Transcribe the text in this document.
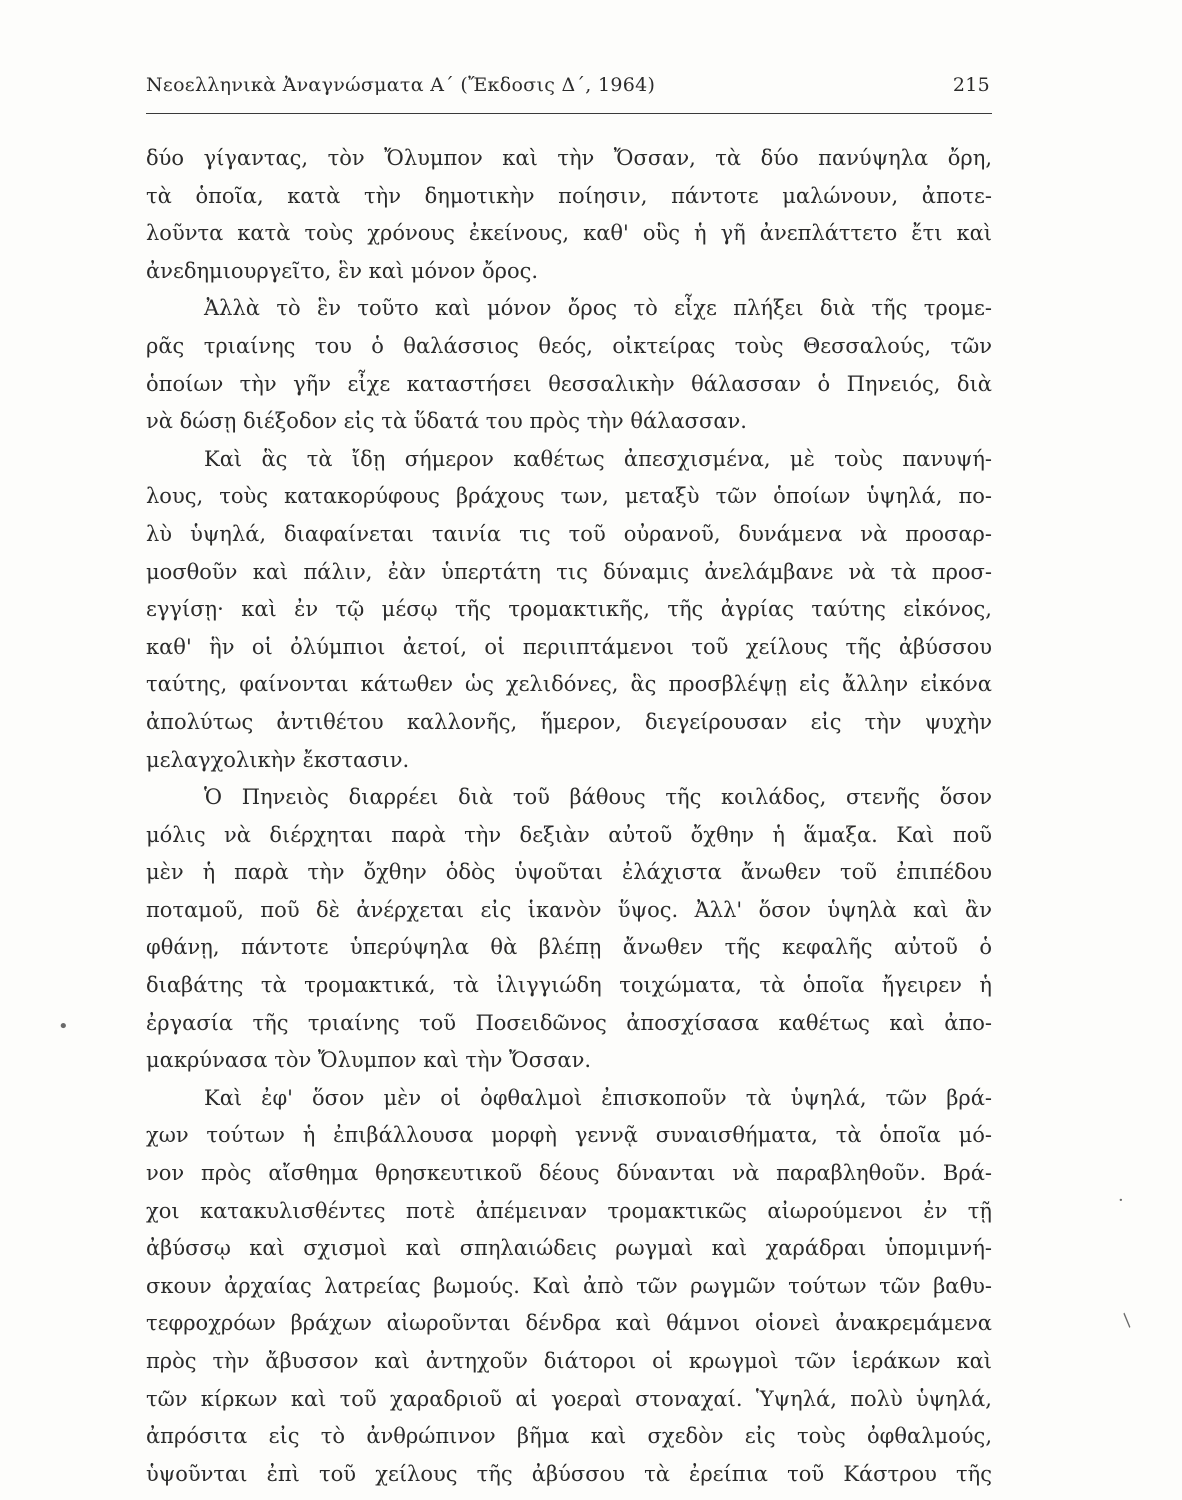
Νεοελληνικὰ Ἀναγνώσματα Α΄ (Ἔκδοσις Δ΄, 1964)	215
δύο γίγαντας, τὸν Ὄλυμπον καὶ τὴν Ὄσσαν, τὰ δύο πανύψηλα ὄρη,
τὰ ὁποῖα, κατὰ τὴν δημοτικὴν ποίησιν, πάντοτε μαλώνουν, ἀποτε-
λοῦντα κατὰ τοὺς χρόνους ἐκείνους, καθ' οὓς ἡ γῆ ἀνεπλάττετο ἔτι καὶ
ἀνεδημιουργεῖτο, ἓν καὶ μόνον ὄρος.
Ἀλλὰ τὸ ἓν τοῦτο καὶ μόνον ὄρος τὸ εἶχε πλήξει διὰ τῆς τρομε-
ρᾶς τριαίνης του ὁ θαλάσσιος θεός, οἰκτείρας τοὺς Θεσσαλούς, τῶν
ὁποίων τὴν γῆν εἶχε καταστήσει θεσσαλικὴν θάλασσαν ὁ Πηνειός, διὰ
νὰ δώσῃ διέξοδον εἰς τὰ ὕδατά του πρὸς τὴν θάλασσαν.
Καὶ ἃς τὰ ἴδῃ σήμερον καθέτως ἀπεσχισμένα, μὲ τοὺς πανυψή-
λους, τοὺς κατακορύφους βράχους των, μεταξὺ τῶν ὁποίων ὑψηλά, πο-
λὺ ὑψηλά, διαφαίνεται ταινία τις τοῦ οὐρανοῦ, δυνάμενα νὰ προσαρ-
μοσθοῦν καὶ πάλιν, ἐὰν ὑπερτάτη τις δύναμις ἀνελάμβανε νὰ τὰ προσ-
εγγίσῃ· καὶ ἐν τῷ μέσῳ τῆς τρομακτικῆς, τῆς ἀγρίας ταύτης εἰκόνος,
καθ' ἣν οἱ ὀλύμπιοι ἀετοί, οἱ περιιπτάμενοι τοῦ χείλους τῆς ἀβύσσου
ταύτης, φαίνονται κάτωθεν ὡς χελιδόνες, ἃς προσβλέψῃ εἰς ἄλλην εἰκόνα
ἀπολύτως ἀντιθέτου καλλονῆς, ἥμερον, διεγείρουσαν εἰς τὴν ψυχὴν
μελαγχολικὴν ἔκστασιν.
Ὁ Πηνειὸς διαρρέει διὰ τοῦ βάθους τῆς κοιλάδος, στενῆς ὅσον
μόλις νὰ διέρχηται παρὰ τὴν δεξιὰν αὐτοῦ ὄχθην ἡ ἅμαξα. Καὶ ποῦ
μὲν ἡ παρὰ τὴν ὄχθην ὁδὸς ὑψοῦται ἐλάχιστα ἄνωθεν τοῦ ἐπιπέδου
ποταμοῦ, ποῦ δὲ ἀνέρχεται εἰς ἱκανὸν ὕψος. Ἀλλ' ὅσον ὑψηλὰ καὶ ἂν
φθάνῃ, πάντοτε ὑπερύψηλα θὰ βλέπῃ ἄνωθεν τῆς κεφαλῆς αὐτοῦ ὁ
διαβάτης τὰ τρομακτικά, τὰ ἰλιγγιώδη τοιχώματα, τὰ ὁποῖα ἤγειρεν ἡ
ἐργασία τῆς τριαίνης τοῦ Ποσειδῶνος ἀποσχίσασα καθέτως καὶ ἀπο-
μακρύνασα τὸν Ὄλυμπον καὶ τὴν Ὄσσαν.
Καὶ ἐφ' ὅσον μὲν οἱ ὀφθαλμοὶ ἐπισκοποῦν τὰ ὑψηλά, τῶν βρά-
χων τούτων ἡ ἐπιβάλλουσα μορφὴ γεννᾷ συναισθήματα, τὰ ὁποῖα μό-
νον πρὸς αἴσθημα θρησκευτικοῦ δέους δύνανται νὰ παραβληθοῦν. Βρά-
χοι κατακυλισθέντες ποτὲ ἀπέμειναν τρομακτικῶς αἰωρούμενοι ἐν τῇ
ἀβύσσῳ καὶ σχισμοὶ καὶ σπηλαιώδεις ρωγμαὶ καὶ χαράδραι ὑπομιμνή-
σκουν ἀρχαίας λατρείας βωμούς. Καὶ ἀπὸ τῶν ρωγμῶν τούτων τῶν βαθυ-
τεφροχρόων βράχων αἰωροῦνται δένδρα καὶ θάμνοι οἱονεὶ ἀνακρεμάμενα
πρὸς τὴν ἄβυσσον καὶ ἀντηχοῦν διάτοροι οἱ κρωγμοὶ τῶν ἱεράκων καὶ
τῶν κίρκων καὶ τοῦ χαραδριοῦ αἱ γοεραὶ στοναχαί. Ὑψηλά, πολὺ ὑψηλά,
ἀπρόσιτα εἰς τὸ ἀνθρώπινον βῆμα καὶ σχεδὸν εἰς τοὺς ὀφθαλμούς,
ὑψοῦνται ἐπὶ τοῦ χείλους τῆς ἀβύσσου τὰ ἐρείπια τοῦ Κάστρου τῆς
·
/
•
